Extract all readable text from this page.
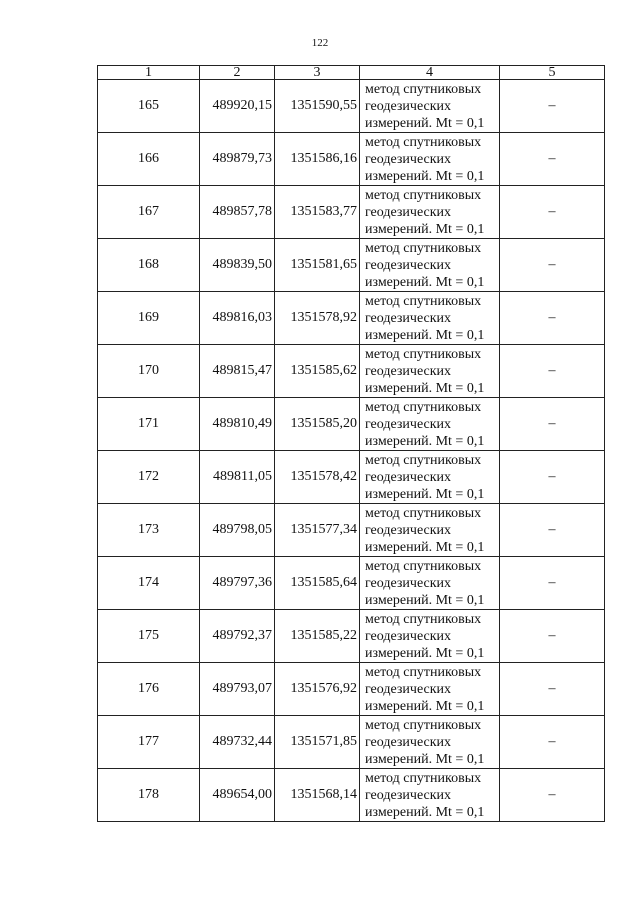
122
1	2	3	4	5
165	489920,15	1351590,55	метод спутниковых
геодезических
измерений. Mt = 0,1	–
166	489879,73	1351586,16	метод спутниковых
геодезических
измерений. Mt = 0,1	–
167	489857,78	1351583,77	метод спутниковых
геодезических
измерений. Mt = 0,1	–
168	489839,50	1351581,65	метод спутниковых
геодезических
измерений. Mt = 0,1	–
169	489816,03	1351578,92	метод спутниковых
геодезических
измерений. Mt = 0,1	–
170	489815,47	1351585,62	метод спутниковых
геодезических
измерений. Mt = 0,1	–
171	489810,49	1351585,20	метод спутниковых
геодезических
измерений. Mt = 0,1	–
172	489811,05	1351578,42	метод спутниковых
геодезических
измерений. Mt = 0,1	–
173	489798,05	1351577,34	метод спутниковых
геодезических
измерений. Mt = 0,1	–
174	489797,36	1351585,64	метод спутниковых
геодезических
измерений. Mt = 0,1	–
175	489792,37	1351585,22	метод спутниковых
геодезических
измерений. Mt = 0,1	–
176	489793,07	1351576,92	метод спутниковых
геодезических
измерений. Mt = 0,1	–
177	489732,44	1351571,85	метод спутниковых
геодезических
измерений. Mt = 0,1	–
178	489654,00	1351568,14	метод спутниковых
геодезических
измерений. Mt = 0,1	–
